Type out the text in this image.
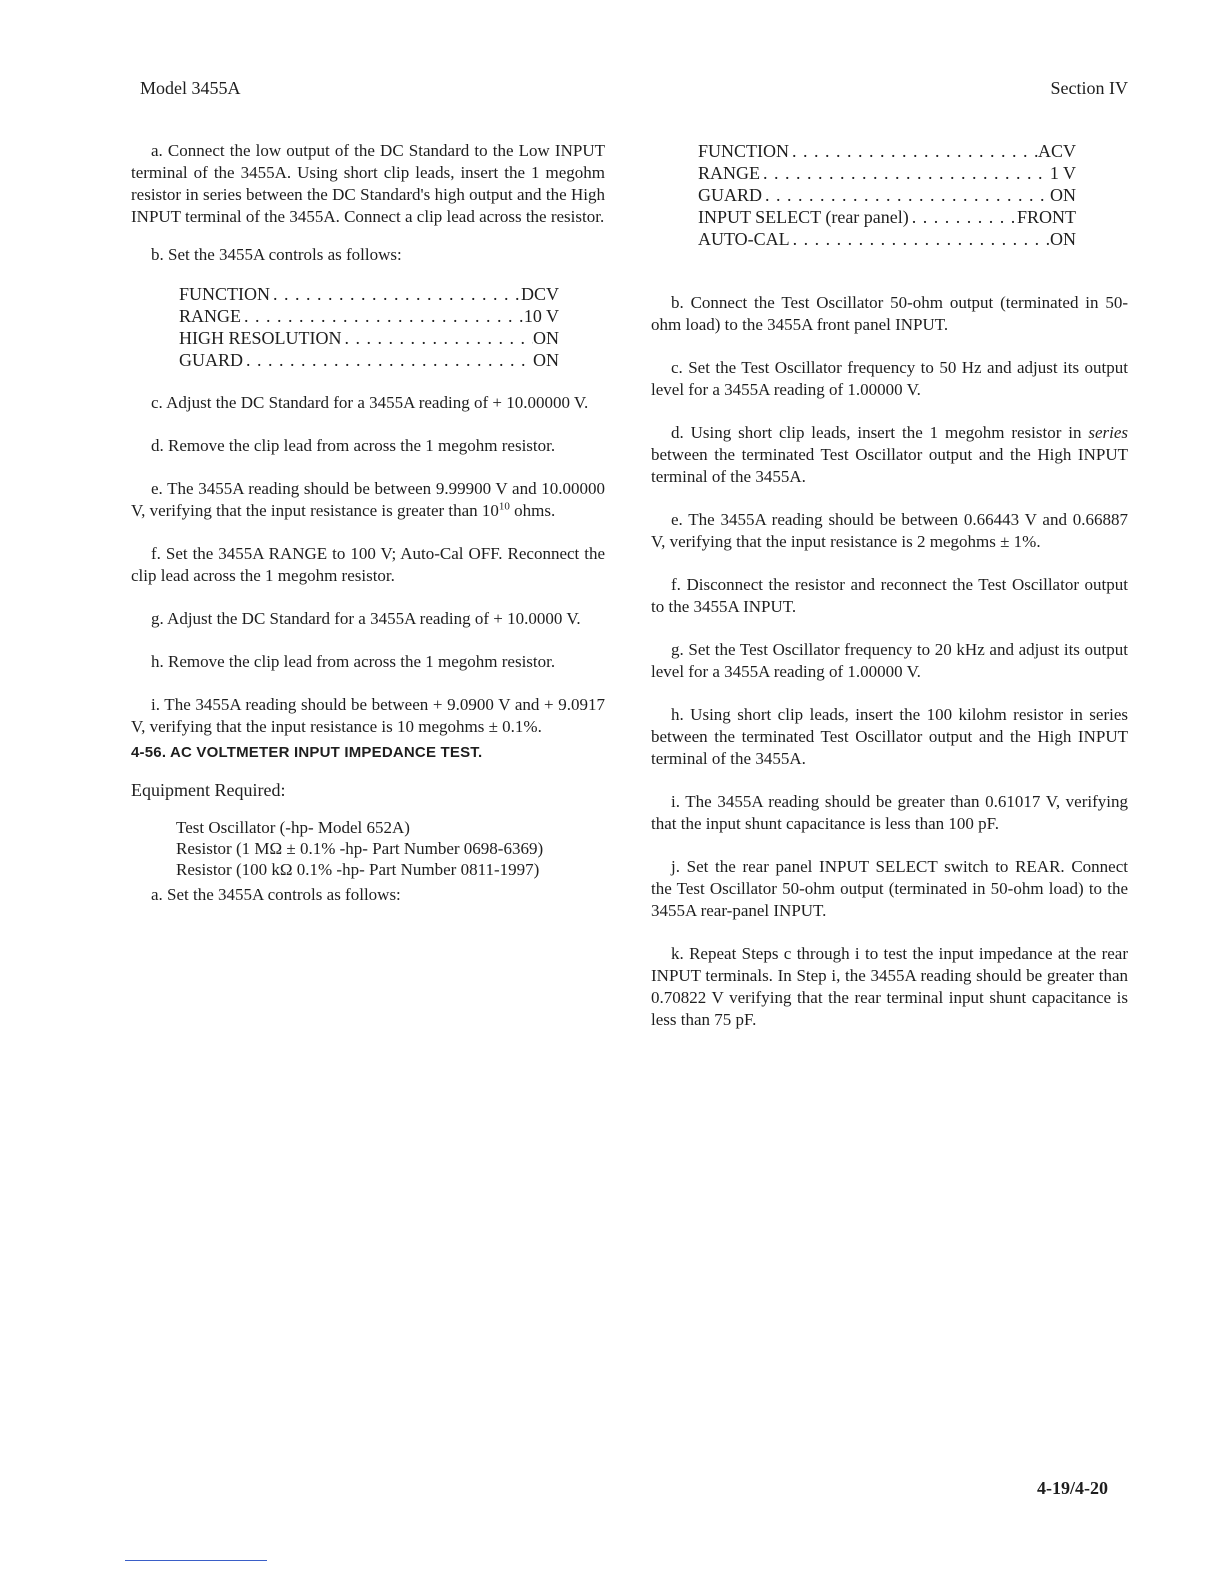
Model 3455A	Section IV

a. Connect the low output of the DC Standard to the Low INPUT terminal of the 3455A. Using short clip leads, insert the 1 megohm resistor in series between the DC Standard's high output and the High INPUT terminal of the 3455A. Connect a clip lead across the resistor.

b. Set the 3455A controls as follows:

FUNCTION . . .	DCV
RANGE . . .	10 V
HIGH RESOLUTION . . .	ON
GUARD . . .	ON

c. Adjust the DC Standard for a 3455A reading of + 10.00000 V.

d. Remove the clip lead from across the 1 megohm resistor.

e. The 3455A reading should be between 9.99900 V and 10.00000 V, verifying that the input resistance is greater than $10^{10}$ ohms.

f. Set the 3455A RANGE to 100 V; Auto-Cal OFF. Reconnect the clip lead across the 1 megohm resistor.

g. Adjust the DC Standard for a 3455A reading of + 10.0000 V.

h. Remove the clip lead from across the 1 megohm resistor.

i. The 3455A reading should be between + 9.0900 V and + 9.0917 V, verifying that the input resistance is 10 megohms ± 0.1%.

4-56. AC VOLTMETER INPUT IMPEDANCE TEST.
Equipment Required:

Test Oscillator (-hp- Model 652A)

Resistor (1 MΩ ± 0.1% -hp- Part Number 0698-6369)

Resistor (100 kΩ 0.1% -hp- Part Number 0811-1997)

a. Set the 3455A controls as follows:

FUNCTION . . .	ACV
RANGE . . .	1 V
GUARD . . .	ON
INPUT SELECT (rear panel) . . .	FRONT
AUTO-CAL . . .	ON

b. Connect the Test Oscillator 50-ohm output (terminated in 50-ohm load) to the 3455A front panel INPUT.

c. Set the Test Oscillator frequency to 50 Hz and adjust its output level for a 3455A reading of 1.00000 V.

d. Using short clip leads, insert the 1 megohm resistor in series between the terminated Test Oscillator output and the High INPUT terminal of the 3455A.

e. The 3455A reading should be between 0.66443 V and 0.66887 V, verifying that the input resistance is 2 megohms ± 1%.

f. Disconnect the resistor and reconnect the Test Oscillator output to the 3455A INPUT.

g. Set the Test Oscillator frequency to 20 kHz and adjust its output level for a 3455A reading of 1.00000 V.

h. Using short clip leads, insert the 100 kilohm resistor in series between the terminated Test Oscillator output and the High INPUT terminal of the 3455A.

i. The 3455A reading should be greater than 0.61017 V, verifying that the input shunt capacitance is less than 100 pF.

j. Set the rear panel INPUT SELECT switch to REAR. Connect the Test Oscillator 50-ohm output (terminated in 50-ohm load) to the 3455A rear-panel INPUT.

k. Repeat Steps c through i to test the input impedance at the rear INPUT terminals. In Step i, the 3455A reading should be greater than 0.70822 V verifying that the rear terminal input shunt capacitance is less than 75 pF.

4-19/4-20
